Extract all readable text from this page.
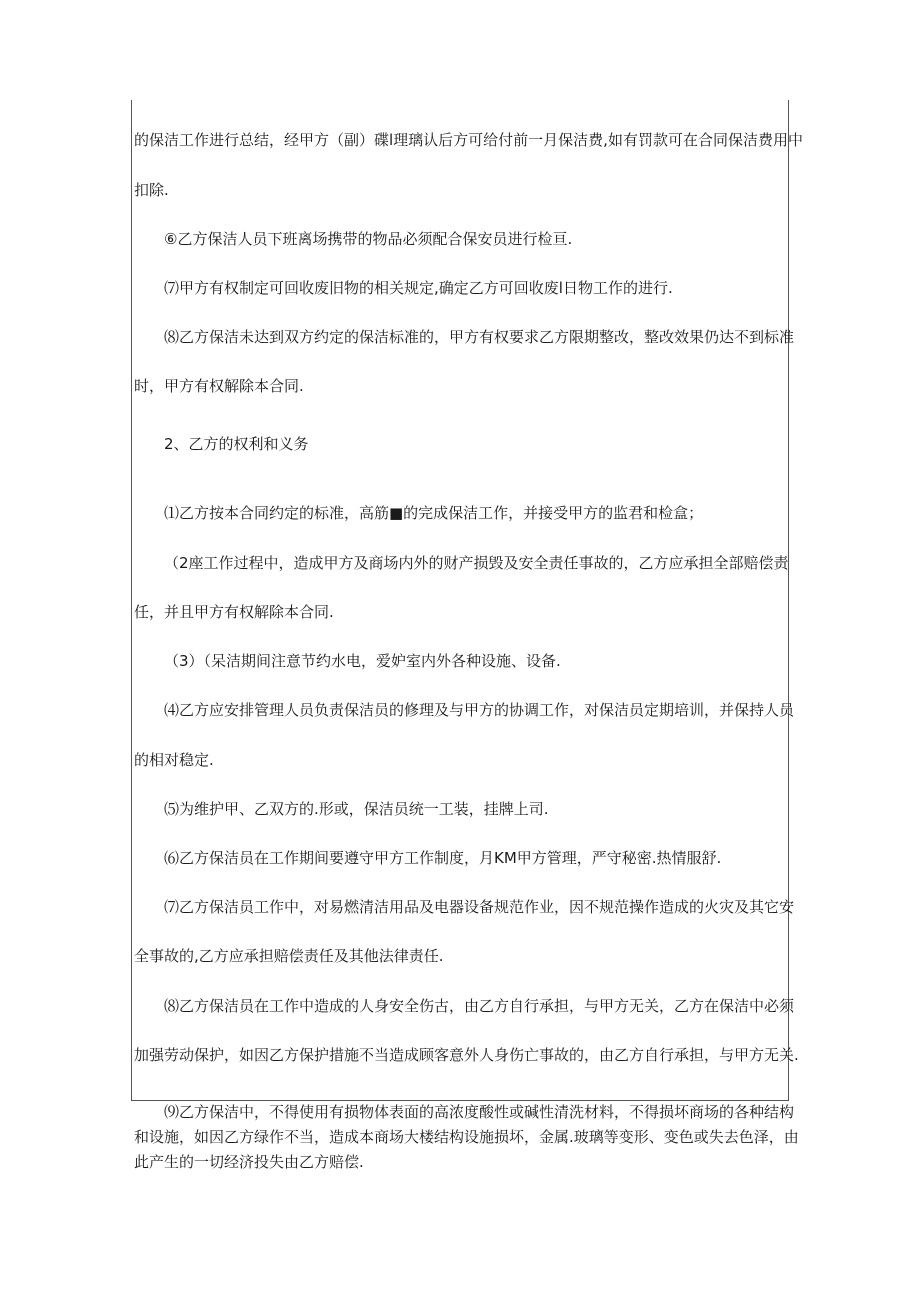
的保洁工作进行总结，经甲方（副）碟l理璃认后方可给付前一月保洁费,如有罚款可在合同保洁费用中
扣除.
⑥乙方保洁人员下班离场携带的物品必须配合保安员进行检亘.
⑺甲方有权制定可回收废旧物的相关规定,确定乙方可回收废l日物工作的进行.
⑻乙方保洁未达到双方约定的保洁标准的，甲方有权要求乙方限期整改，整改效果仍达不到标准
时，甲方有权解除本合同.
2、乙方的权利和义务
⑴乙方按本合同约定的标准，高筋■的完成保洁工作，并接受甲方的监君和检盒；
（2座工作过程中，造成甲方及商场内外的财产损毁及安全责任事故的，乙方应承担全部赔偿责
任，并且甲方有权解除本合同.
（3）（呆洁期间注意节约水电，爱妒室内外各种设施、设备.
⑷乙方应安排管理人员负责保洁员的修理及与甲方的协调工作，对保洁员定期培训，并保持人员
的相对稳定.
⑸为维护甲、乙双方的.形或，保洁员统一工装，挂牌上司.
⑹乙方保洁员在工作期间要遵守甲方工作制度，月KM甲方管理，严守秘密.热情服舒.
⑺乙方保洁员工作中，对易燃清洁用品及电器设备规范作业，因不规范操作造成的火灾及其它安
全事故的,乙方应承担赔偿责任及其他法律责任.
⑻乙方保洁员在工作中造成的人身安全伤古，由乙方自行承担，与甲方无关，乙方在保洁中必须
加强劳动保护，如因乙方保护措施不当造成顾客意外人身伤亡事故的，由乙方自行承担，与甲方无关.
⑼乙方保洁中，不得使用有损物体表面的高浓度酸性或碱性清洗材料，不得损坏商场的各种结构
和设施，如因乙方绿作不当，造成本商场大楼结构设施损坏，金属.玻璃等变形、变色或失去色泽，由
此产生的一切经济投失由乙方赔偿.
